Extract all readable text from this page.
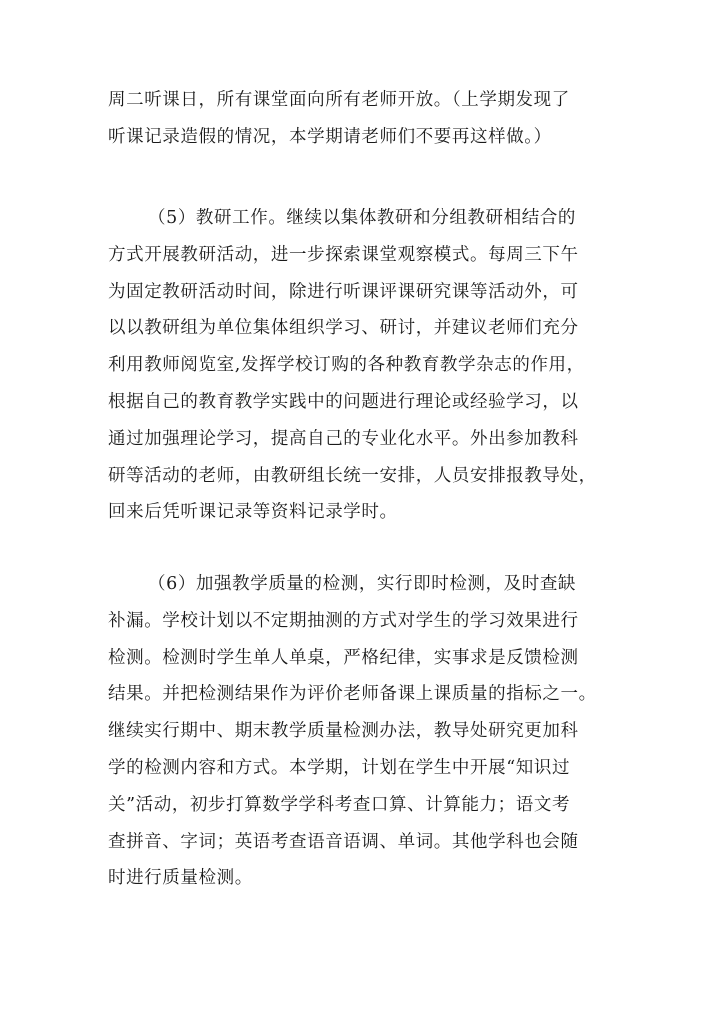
周二听课日，所有课堂面向所有老师开放。（上学期发现了
听课记录造假的情况，本学期请老师们不要再这样做。）
（5）教研工作。继续以集体教研和分组教研相结合的
方式开展教研活动，进一步探索课堂观察模式。每周三下午
为固定教研活动时间，除进行听课评课研究课等活动外，可
以以教研组为单位集体组织学习、研讨，并建议老师们充分
利用教师阅览室,发挥学校订购的各种教育教学杂志的作用，
根据自己的教育教学实践中的问题进行理论或经验学习，以
通过加强理论学习，提高自己的专业化水平。外出参加教科
研等活动的老师，由教研组长统一安排，人员安排报教导处，
回来后凭听课记录等资料记录学时。
（6）加强教学质量的检测，实行即时检测，及时查缺
补漏。学校计划以不定期抽测的方式对学生的学习效果进行
检测。检测时学生单人单桌，严格纪律，实事求是反馈检测
结果。并把检测结果作为评价老师备课上课质量的指标之一。
继续实行期中、期末教学质量检测办法，教导处研究更加科
学的检测内容和方式。本学期，计划在学生中开展“知识过
关”活动，初步打算数学学科考查口算、计算能力；语文考
查拼音、字词；英语考查语音语调、单词。其他学科也会随
时进行质量检测。
